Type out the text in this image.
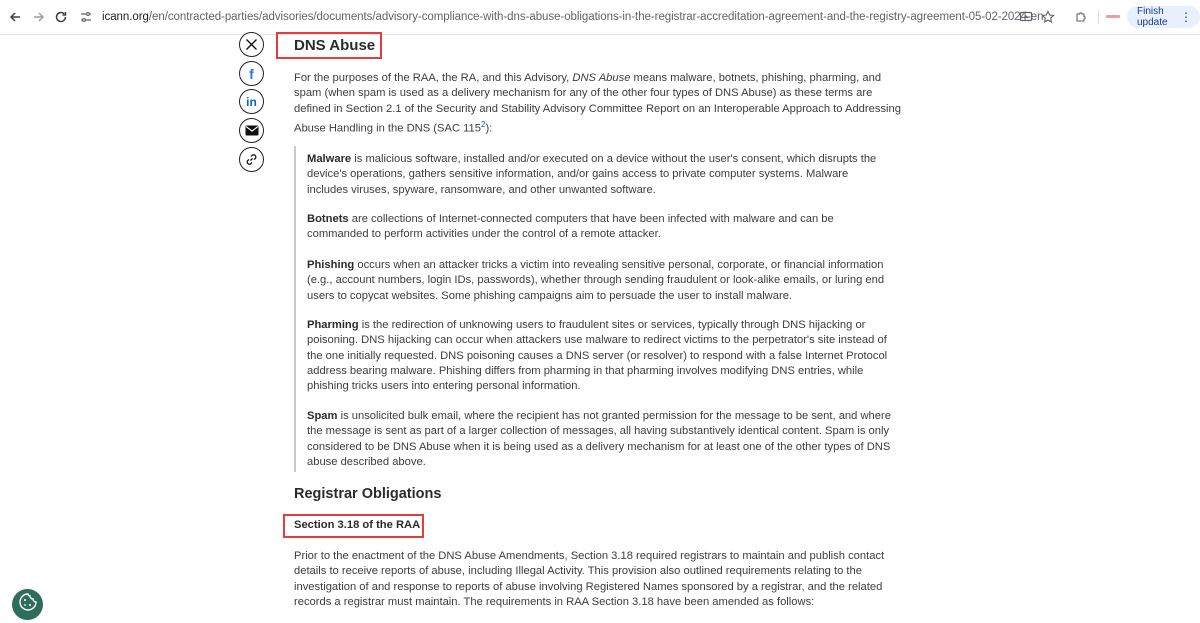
icann.org/en/contracted-parties/advisories/documents/advisory-compliance-with-dns-abuse-obligations-in-the-registrar-accreditation-agreement-and-the-registry-agreement-05-02-2024-en	Finish update	⋮
f
in
DNS Abuse
For the purposes of the RAA, the RA, and this Advisory, DNS Abuse means malware, botnets, phishing, pharming, and spam (when spam is used as a delivery mechanism for any of the other four types of DNS Abuse) as these terms are defined in Section 2.1 of the Security and Stability Advisory Committee Report on an Interoperable Approach to Addressing Abuse Handling in the DNS (SAC $115^2$):
Malware is malicious software, installed and/or executed on a device without the user's consent, which disrupts the device's operations, gathers sensitive information, and/or gains access to private computer systems. Malware includes viruses, spyware, ransomware, and other unwanted software.
Botnets are collections of Internet-connected computers that have been infected with malware and can be commanded to perform activities under the control of a remote attacker.
Phishing occurs when an attacker tricks a victim into revealing sensitive personal, corporate, or financial information (e.g., account numbers, login IDs, passwords), whether through sending fraudulent or look-alike emails, or luring end users to copycat websites. Some phishing campaigns aim to persuade the user to install malware.
Pharming is the redirection of unknowing users to fraudulent sites or services, typically through DNS hijacking or poisoning. DNS hijacking can occur when attackers use malware to redirect victims to the perpetrator's site instead of the one initially requested. DNS poisoning causes a DNS server (or resolver) to respond with a false Internet Protocol address bearing malware. Phishing differs from pharming in that pharming involves modifying DNS entries, while phishing tricks users into entering personal information.
Spam is unsolicited bulk email, where the recipient has not granted permission for the message to be sent, and where the message is sent as part of a larger collection of messages, all having substantively identical content. Spam is only considered to be DNS Abuse when it is being used as a delivery mechanism for at least one of the other types of DNS abuse described above.
Registrar Obligations
Section 3.18 of the RAA
Prior to the enactment of the DNS Abuse Amendments, Section 3.18 required registrars to maintain and publish contact details to receive reports of abuse, including Illegal Activity. This provision also outlined requirements relating to the investigation of and response to reports of abuse involving Registered Names sponsored by a registrar, and the related records a registrar must maintain. The requirements in RAA Section 3.18 have been amended as follows:
